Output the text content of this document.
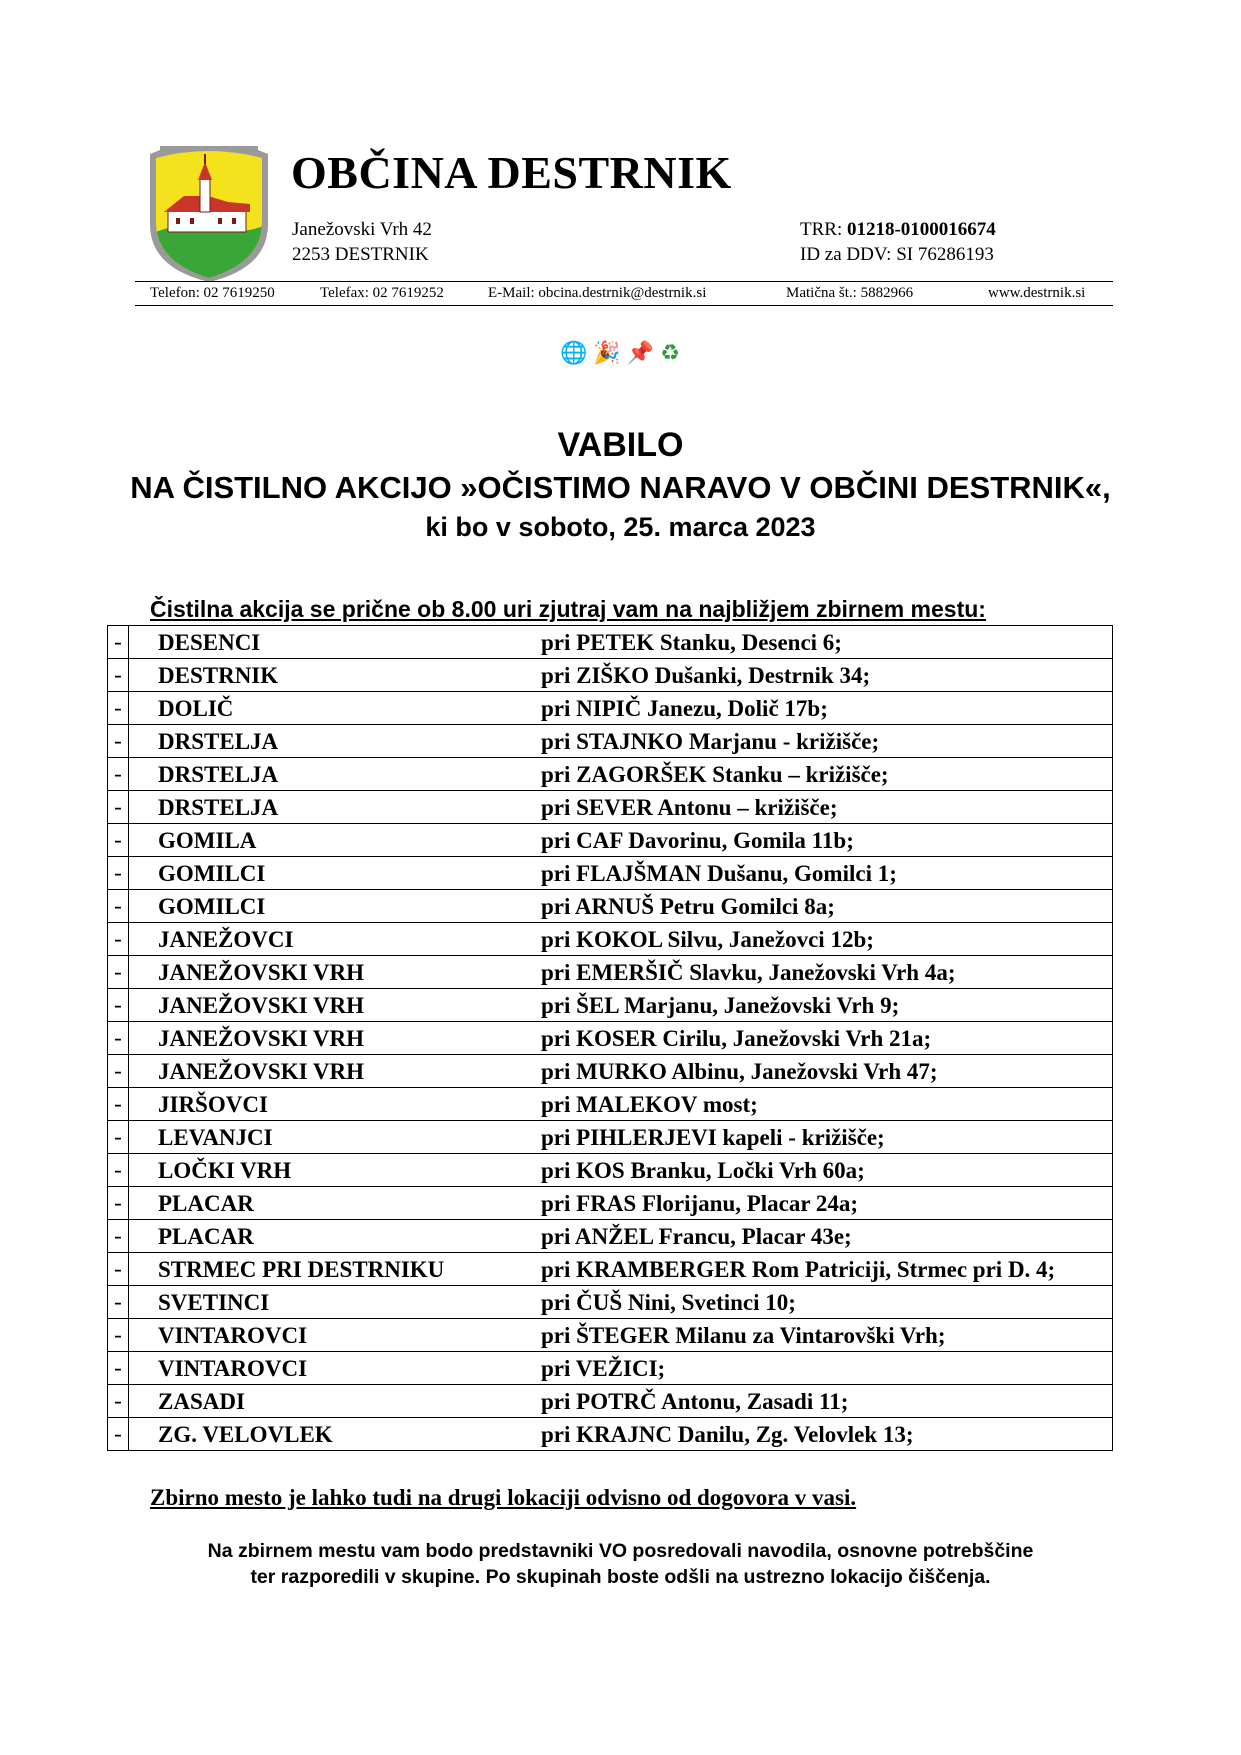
OBČINA DESTRNIK
Janežovski Vrh 42
2253 DESTRNIK
TRR: 01218-0100016674
ID za DDV: SI 76286193
Telefon: 02 7619250	Telefax: 02 7619252	E-Mail: obcina.destrnik@destrnik.si	Matična št.: 5882966	www.destrnik.si
🌐 🎉 📌 ♻
VABILO
NA ČISTILNO AKCIJO »OČISTIMO NARAVO V OBČINI DESTRNIK«,
ki bo v soboto, 25. marca 2023
Čistilna akcija se prične ob 8.00 uri zjutraj vam na najbližjem zbirnem mestu:
-	DESENCI pri PETEK Stanku, Desenci 6;

-	DESTRNIK pri ZIŠKO Dušanki, Destrnik 34;

-	DOLIČ pri NIPIČ Janezu, Dolič 17b;

-	DRSTELJA pri STAJNKO Marjanu - križišče;

-	DRSTELJA pri ZAGORŠEK Stanku – križišče;

-	DRSTELJA pri SEVER Antonu – križišče;

-	GOMILA pri CAF Davorinu, Gomila 11b;

-	GOMILCI pri FLAJŠMAN Dušanu, Gomilci 1;

-	GOMILCI pri ARNUŠ Petru Gomilci 8a;

-	JANEŽOVCI pri KOKOL Silvu, Janežovci 12b;

-	JANEŽOVSKI VRH pri EMERŠIČ Slavku, Janežovski Vrh 4a;

-	JANEŽOVSKI VRH pri ŠEL Marjanu, Janežovski Vrh 9;

-	JANEŽOVSKI VRH pri KOSER Cirilu, Janežovski Vrh 21a;

-	JANEŽOVSKI VRH pri MURKO Albinu, Janežovski Vrh 47;

-	JIRŠOVCI pri MALEKOV most;

-	LEVANJCI pri PIHLERJEVI kapeli - križišče;

-	LOČKI VRH pri KOS Branku, Ločki Vrh 60a;

-	PLACAR pri FRAS Florijanu, Placar 24a;

-	PLACAR pri ANŽEL Francu, Placar 43e;

-	STRMEC PRI DESTRNIKU pri KRAMBERGER Rom Patriciji, Strmec pri D. 4;

-	SVETINCI pri ČUŠ Nini, Svetinci 10;

-	VINTAROVCI pri ŠTEGER Milanu za Vintarovški Vrh;

-	VINTAROVCI pri VEŽICI;

-	ZASADI pri POTRČ Antonu, Zasadi 11;

-	ZG. VELOVLEK pri KRAJNC Danilu, Zg. Velovlek 13;
Zbirno mesto je lahko tudi na drugi lokaciji odvisno od dogovora v vasi.
Na zbirnem mestu vam bodo predstavniki VO posredovali navodila, osnovne potrebščine
ter razporedili v skupine. Po skupinah boste odšli na ustrezno lokacijo čiščenja.
